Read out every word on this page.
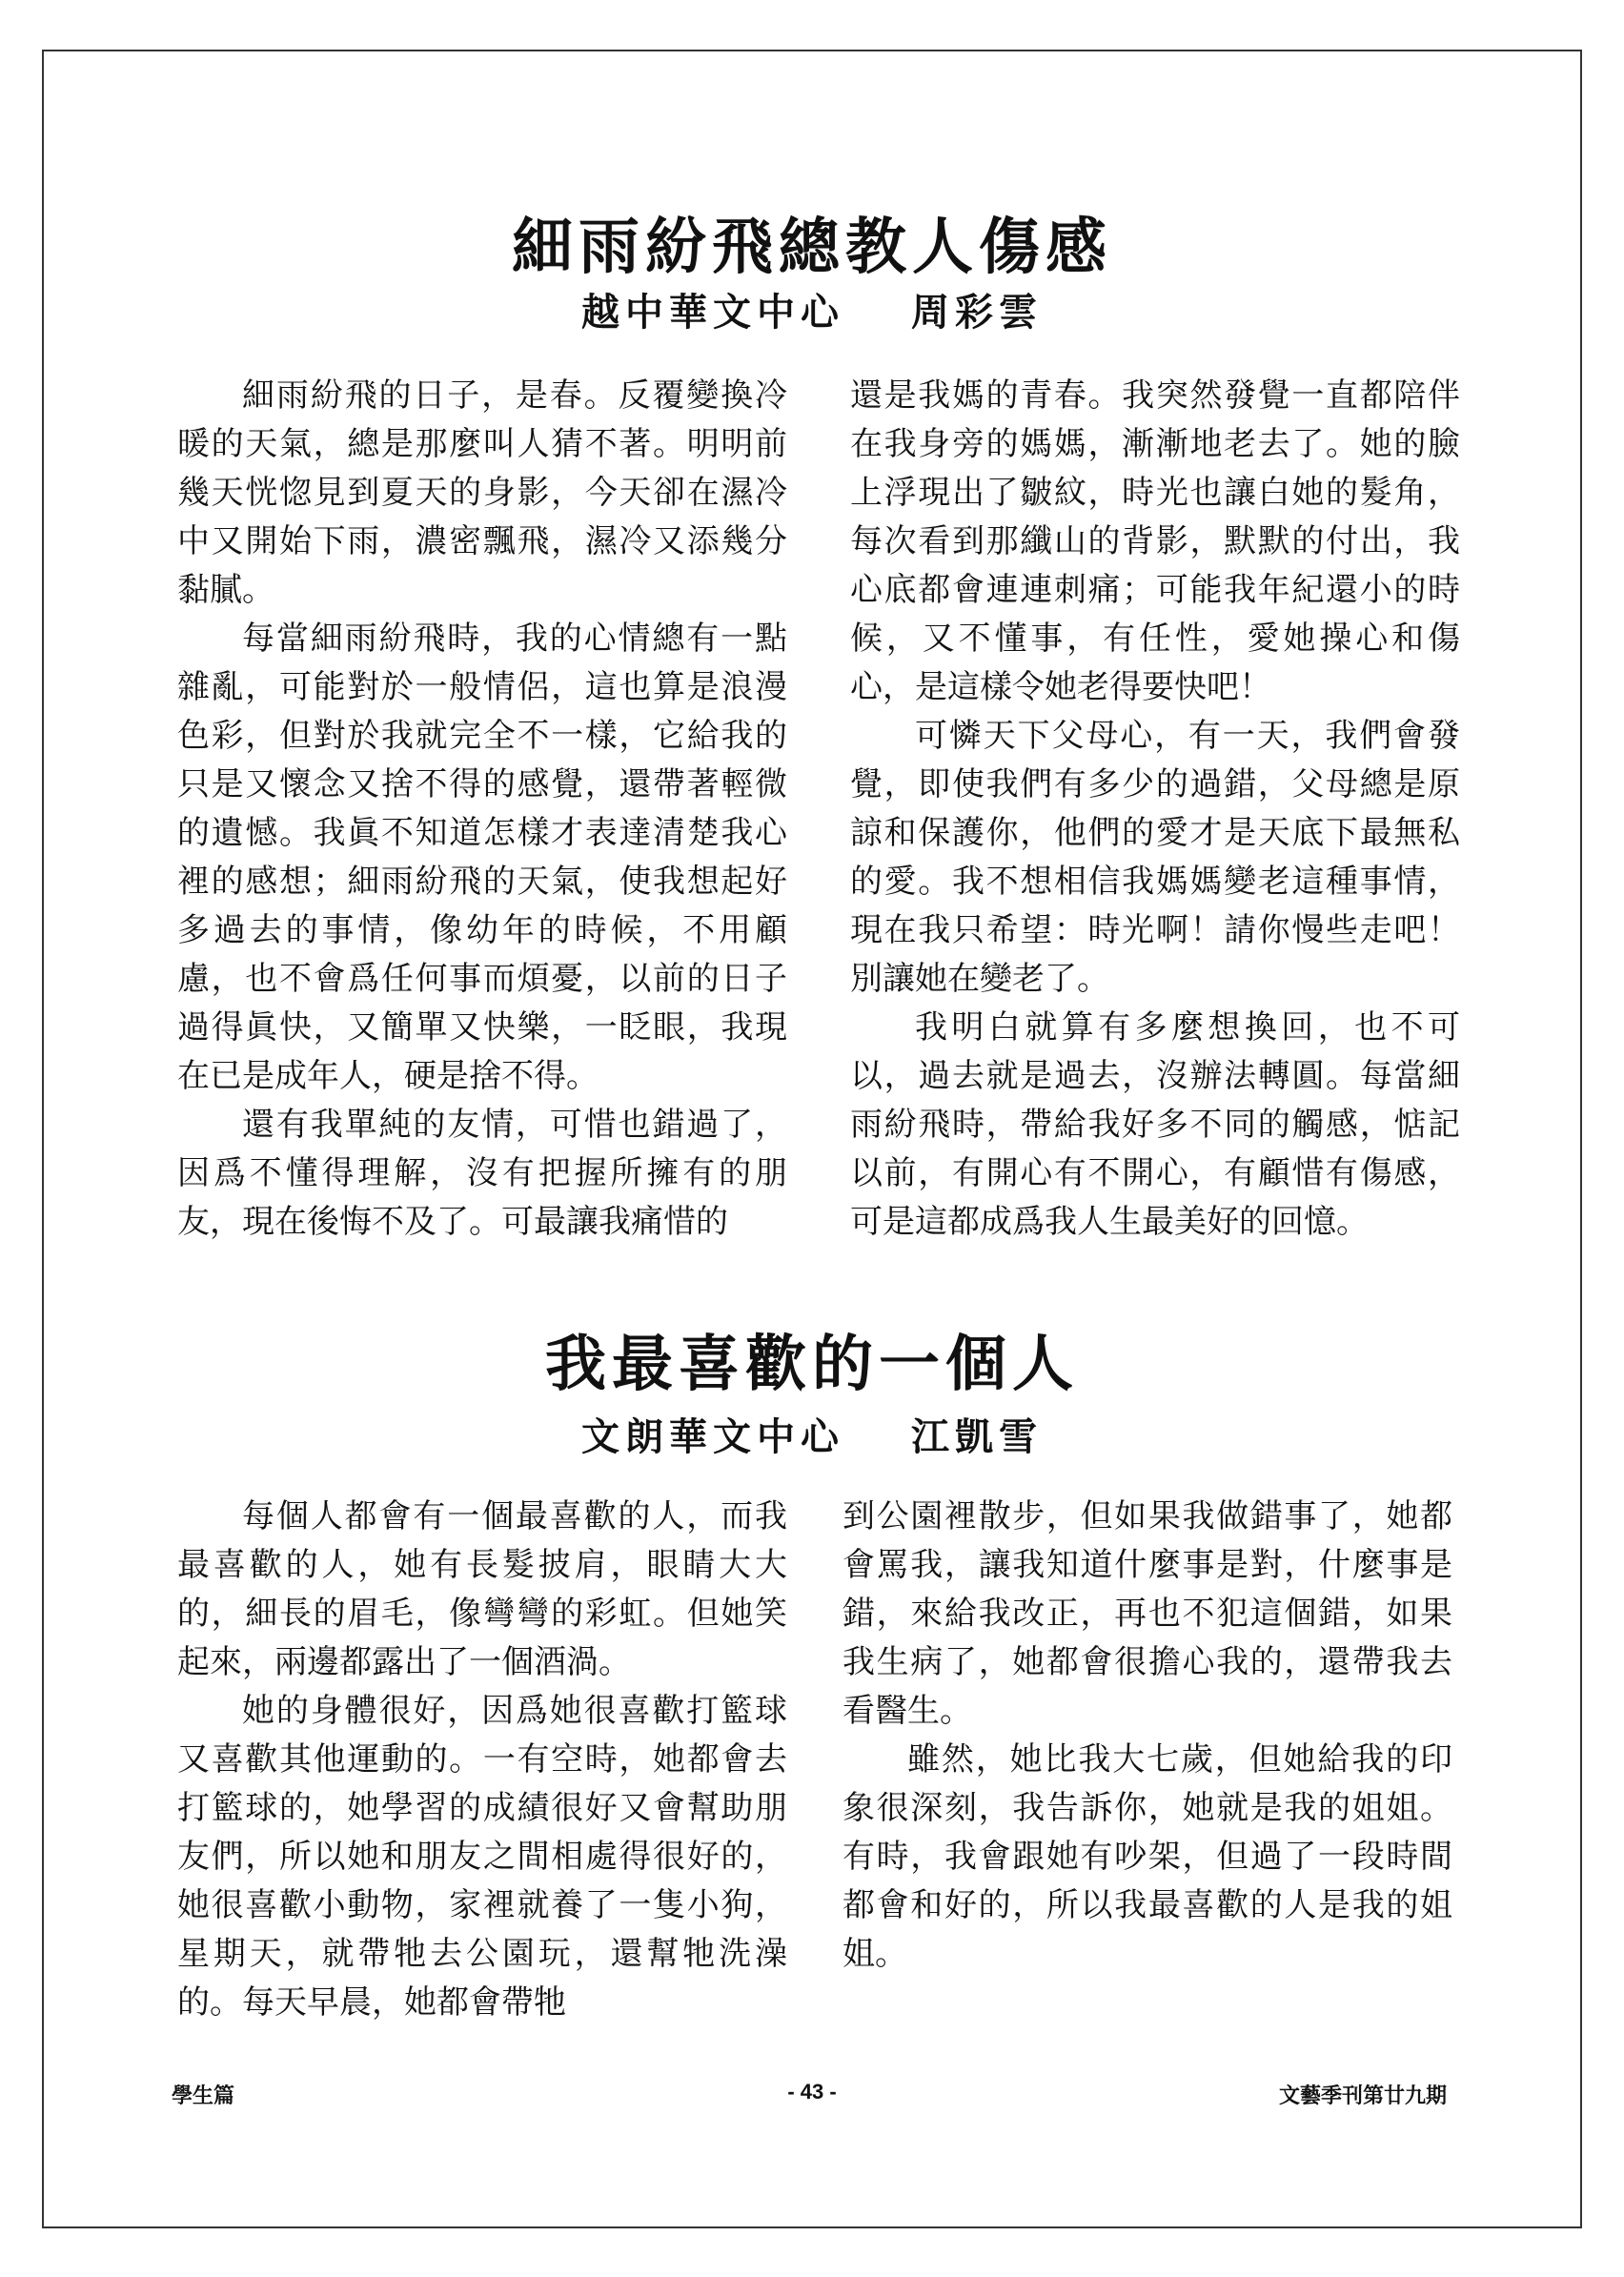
細雨紛飛總教人傷感
越中華文中心 周彩雲

細雨紛飛的日子，是春。反覆變換冷暖的天氣，總是那麼叫人猜不著。明明前幾天恍惚見到夏天的身影，今天卻在濕冷中又開始下雨，濃密飄飛，濕冷又添幾分黏膩。

每當細雨紛飛時，我的心情總有一點雜亂，可能對於一般情侶，這也算是浪漫色彩，但對於我就完全不一樣，它給我的只是又懷念又捨不得的感覺，還帶著輕微的遺憾。我眞不知道怎樣才表達清楚我心裡的感想；細雨紛飛的天氣，使我想起好多過去的事情，像幼年的時候，不用顧慮，也不會爲任何事而煩憂，以前的日子過得眞快，又簡單又快樂，一眨眼，我現在已是成年人，硬是捨不得。

還有我單純的友情，可惜也錯過了，因爲不懂得理解，沒有把握所擁有的朋友，現在後悔不及了。可最讓我痛惜的

還是我媽的青春。我突然發覺一直都陪伴在我身旁的媽媽，漸漸地老去了。她的臉上浮現出了皺紋，時光也讓白她的髮角，每次看到那纖山的背影，默默的付出，我心底都會連連刺痛；可能我年紀還小的時候，又不懂事，有任性，愛她操心和傷心，是這樣令她老得要快吧！

可憐天下父母心，有一天，我們會發覺，即使我們有多少的過錯，父母總是原諒和保護你，他們的愛才是天底下最無私的愛。我不想相信我媽媽變老這種事情，現在我只希望：時光啊！請你慢些走吧！別讓她在變老了。

我明白就算有多麼想換回，也不可以，過去就是過去，沒辦法轉圓。每當細雨紛飛時，帶給我好多不同的觸感，惦記以前，有開心有不開心，有顧惜有傷感，可是這都成爲我人生最美好的回憶。

我最喜歡的一個人
文朗華文中心 江凱雪

每個人都會有一個最喜歡的人，而我最喜歡的人，她有長髮披肩，眼睛大大的，細長的眉毛，像彎彎的彩虹。但她笑起來，兩邊都露出了一個酒渦。

她的身體很好，因爲她很喜歡打籃球又喜歡其他運動的。一有空時，她都會去打籃球的，她學習的成績很好又會幫助朋友們，所以她和朋友之間相處得很好的，她很喜歡小動物，家裡就養了一隻小狗，星期天，就帶牠去公園玩，還幫牠洗澡的。每天早晨，她都會帶牠

到公園裡散步，但如果我做錯事了，她都會罵我，讓我知道什麼事是對，什麼事是錯，來給我改正，再也不犯這個錯，如果我生病了，她都會很擔心我的，還帶我去看醫生。

雖然，她比我大七歲，但她給我的印象很深刻，我告訴你，她就是我的姐姐。有時，我會跟她有吵架，但過了一段時間都會和好的，所以我最喜歡的人是我的姐姐。

學生篇	- 43 -	文藝季刊第廿九期
